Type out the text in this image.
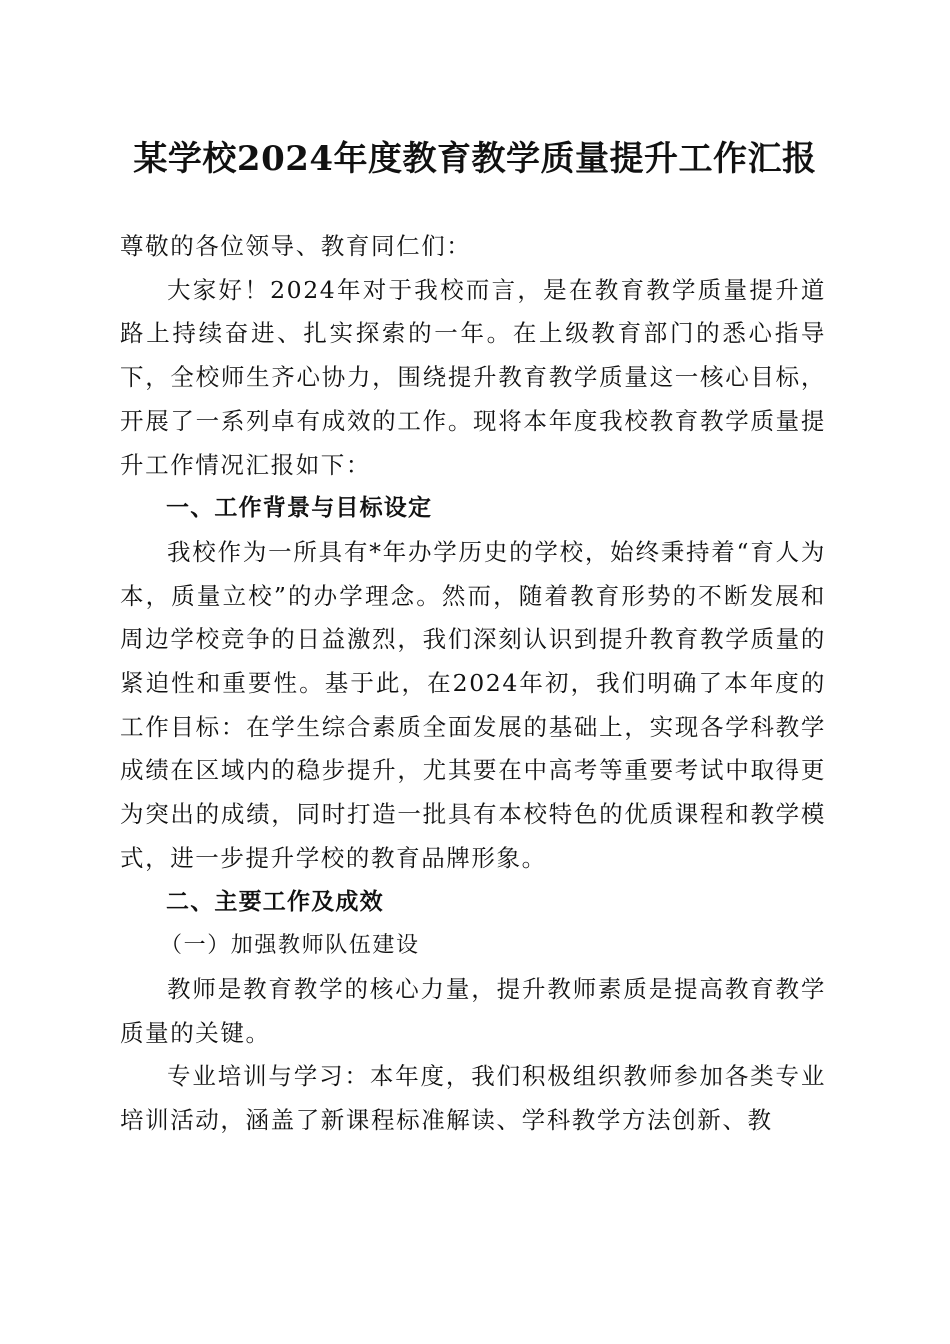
某学校2024年度教育教学质量提升工作汇报

尊敬的各位领导、教育同仁们：

大家好！2024年对于我校而言，是在教育教学质量提升道路上持续奋进、扎实探索的一年。在上级教育部门的悉心指导下，全校师生齐心协力，围绕提升教育教学质量这一核心目标，开展了一系列卓有成效的工作。现将本年度我校教育教学质量提升工作情况汇报如下：

一、工作背景与目标设定

我校作为一所具有*年办学历史的学校，始终秉持着“育人为本，质量立校”的办学理念。然而，随着教育形势的不断发展和周边学校竞争的日益激烈，我们深刻认识到提升教育教学质量的紧迫性和重要性。基于此，在2024年初，我们明确了本年度的工作目标：在学生综合素质全面发展的基础上，实现各学科教学成绩在区域内的稳步提升，尤其要在中高考等重要考试中取得更为突出的成绩，同时打造一批具有本校特色的优质课程和教学模式，进一步提升学校的教育品牌形象。

二、主要工作及成效

（一）加强教师队伍建设

教师是教育教学的核心力量，提升教师素质是提高教育教学质量的关键。

专业培训与学习：本年度，我们积极组织教师参加各类专业培训活动，涵盖了新课程标准解读、学科教学方法创新、教
